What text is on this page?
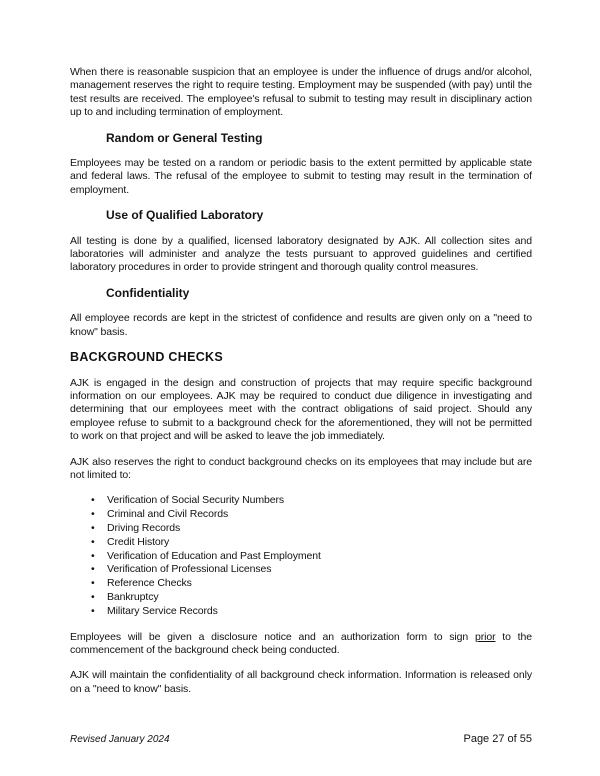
When there is reasonable suspicion that an employee is under the influence of drugs and/or alcohol, management reserves the right to require testing. Employment may be suspended (with pay) until the test results are received. The employee's refusal to submit to testing may result in disciplinary action up to and including termination of employment.

Random or General Testing

Employees may be tested on a random or periodic basis to the extent permitted by applicable state and federal laws. The refusal of the employee to submit to testing may result in the termination of employment.

Use of Qualified Laboratory

All testing is done by a qualified, licensed laboratory designated by AJK. All collection sites and laboratories will administer and analyze the tests pursuant to approved guidelines and certified laboratory procedures in order to provide stringent and thorough quality control measures.

Confidentiality

All employee records are kept in the strictest of confidence and results are given only on a "need to know" basis.

BACKGROUND CHECKS

AJK is engaged in the design and construction of projects that may require specific background information on our employees. AJK may be required to conduct due diligence in investigating and determining that our employees meet with the contract obligations of said project. Should any employee refuse to submit to a background check for the aforementioned, they will not be permitted to work on that project and will be asked to leave the job immediately.

AJK also reserves the right to conduct background checks on its employees that may include but are not limited to:

• Verification of Social Security Numbers
• Criminal and Civil Records
• Driving Records
• Credit History
• Verification of Education and Past Employment
• Verification of Professional Licenses
• Reference Checks
• Bankruptcy
• Military Service Records

Employees will be given a disclosure notice and an authorization form to sign prior to the commencement of the background check being conducted.

AJK will maintain the confidentiality of all background check information. Information is released only on a "need to know" basis.

Revised January 2024	Page 27 of 55
